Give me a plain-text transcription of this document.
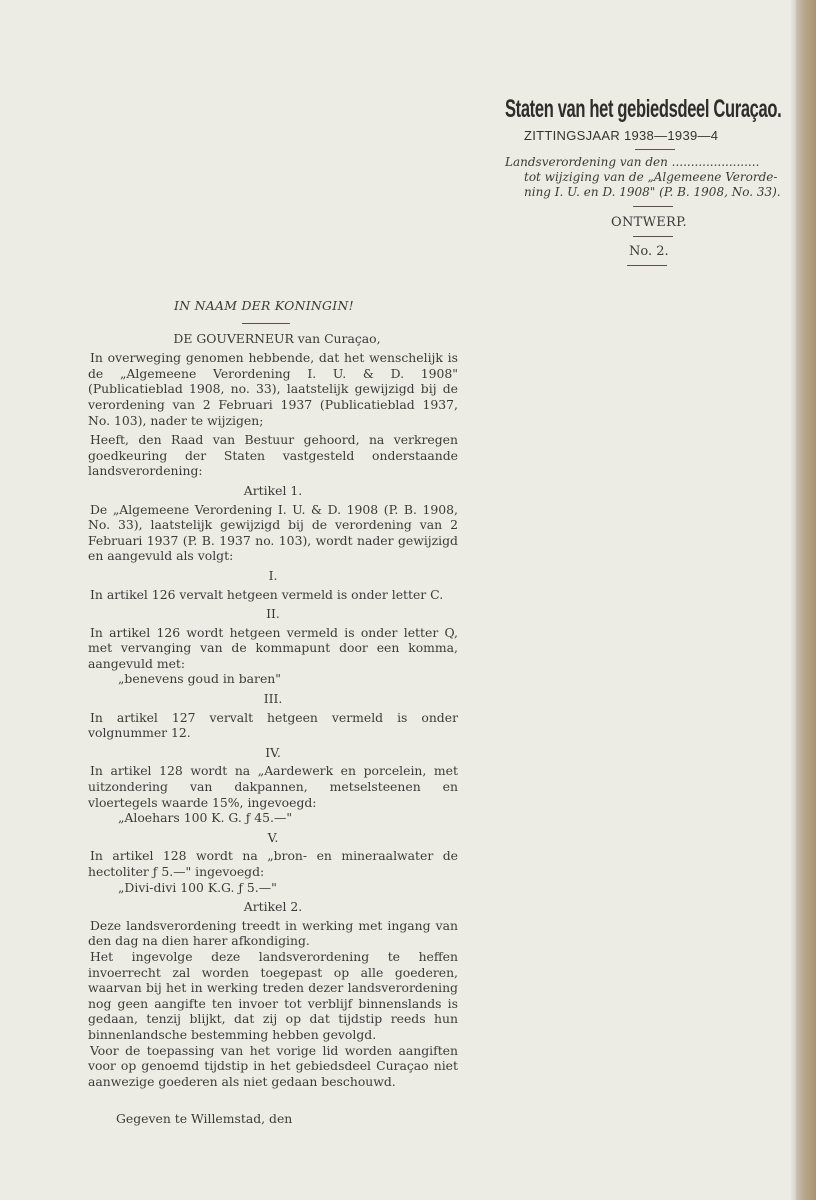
Staten van het gebiedsdeel Curaçao.
ZITTINGSJAAR 1938—1939—4
Landsverordening van den .......................
tot wijziging van de „Algemeene Verorde-
ning I. U. en D. 1908" (P. B. 1908, No. 33).
ONTWERP.
No. 2.
IN NAAM DER KONINGIN!
DE GOUVERNEUR van Curaçao,

In overweging genomen hebbende, dat het wenschelijk is de „Algemeene Verordening I. U. & D. 1908" (Publicatieblad 1908, no. 33), laatstelijk gewijzigd bij de verordening van 2 Februari 1937 (Publicatieblad 1937, No. 103), nader te wijzigen;

Heeft, den Raad van Bestuur gehoord, na verkregen goedkeuring der Staten vastgesteld onderstaande landsverordening:

Artikel 1.

De „Algemeene Verordening I. U. & D. 1908 (P. B. 1908, No. 33), laatstelijk gewijzigd bij de verordening van 2 Februari 1937 (P. B. 1937 no. 103), wordt nader gewijzigd en aangevuld als volgt:

I.

In artikel 126 vervalt hetgeen vermeld is onder letter C.

II.

In artikel 126 wordt hetgeen vermeld is onder letter Q, met vervanging van de kommapunt door een komma, aangevuld met:

„benevens goud in baren"

III.

In artikel 127 vervalt hetgeen vermeld is onder volgnummer 12.

IV.

In artikel 128 wordt na „Aardewerk en porcelein, met uitzondering van dakpannen, metselsteenen en vloertegels waarde 15%, ingevoegd:

„Aloehars 100 K. G. ƒ 45.—"

V.

In artikel 128 wordt na „bron- en mineraalwater de hectoliter ƒ 5.—" ingevoegd:

„Divi-divi 100 K.G. ƒ 5.—"

Artikel 2.

Deze landsverordening treedt in werking met ingang van den dag na dien harer afkondiging.

Het ingevolge deze landsverordening te heffen invoerrecht zal worden toegepast op alle goederen, waarvan bij het in werking treden dezer landsverordening nog geen aangifte ten invoer tot verblijf binnenslands is gedaan, tenzij blijkt, dat zij op dat tijdstip reeds hun binnenlandsche bestemming hebben gevolgd.

Voor de toepassing van het vorige lid worden aangiften voor op genoemd tijdstip in het gebiedsdeel Curaçao niet aanwezige goederen als niet gedaan beschouwd.

Gegeven te Willemstad, den
